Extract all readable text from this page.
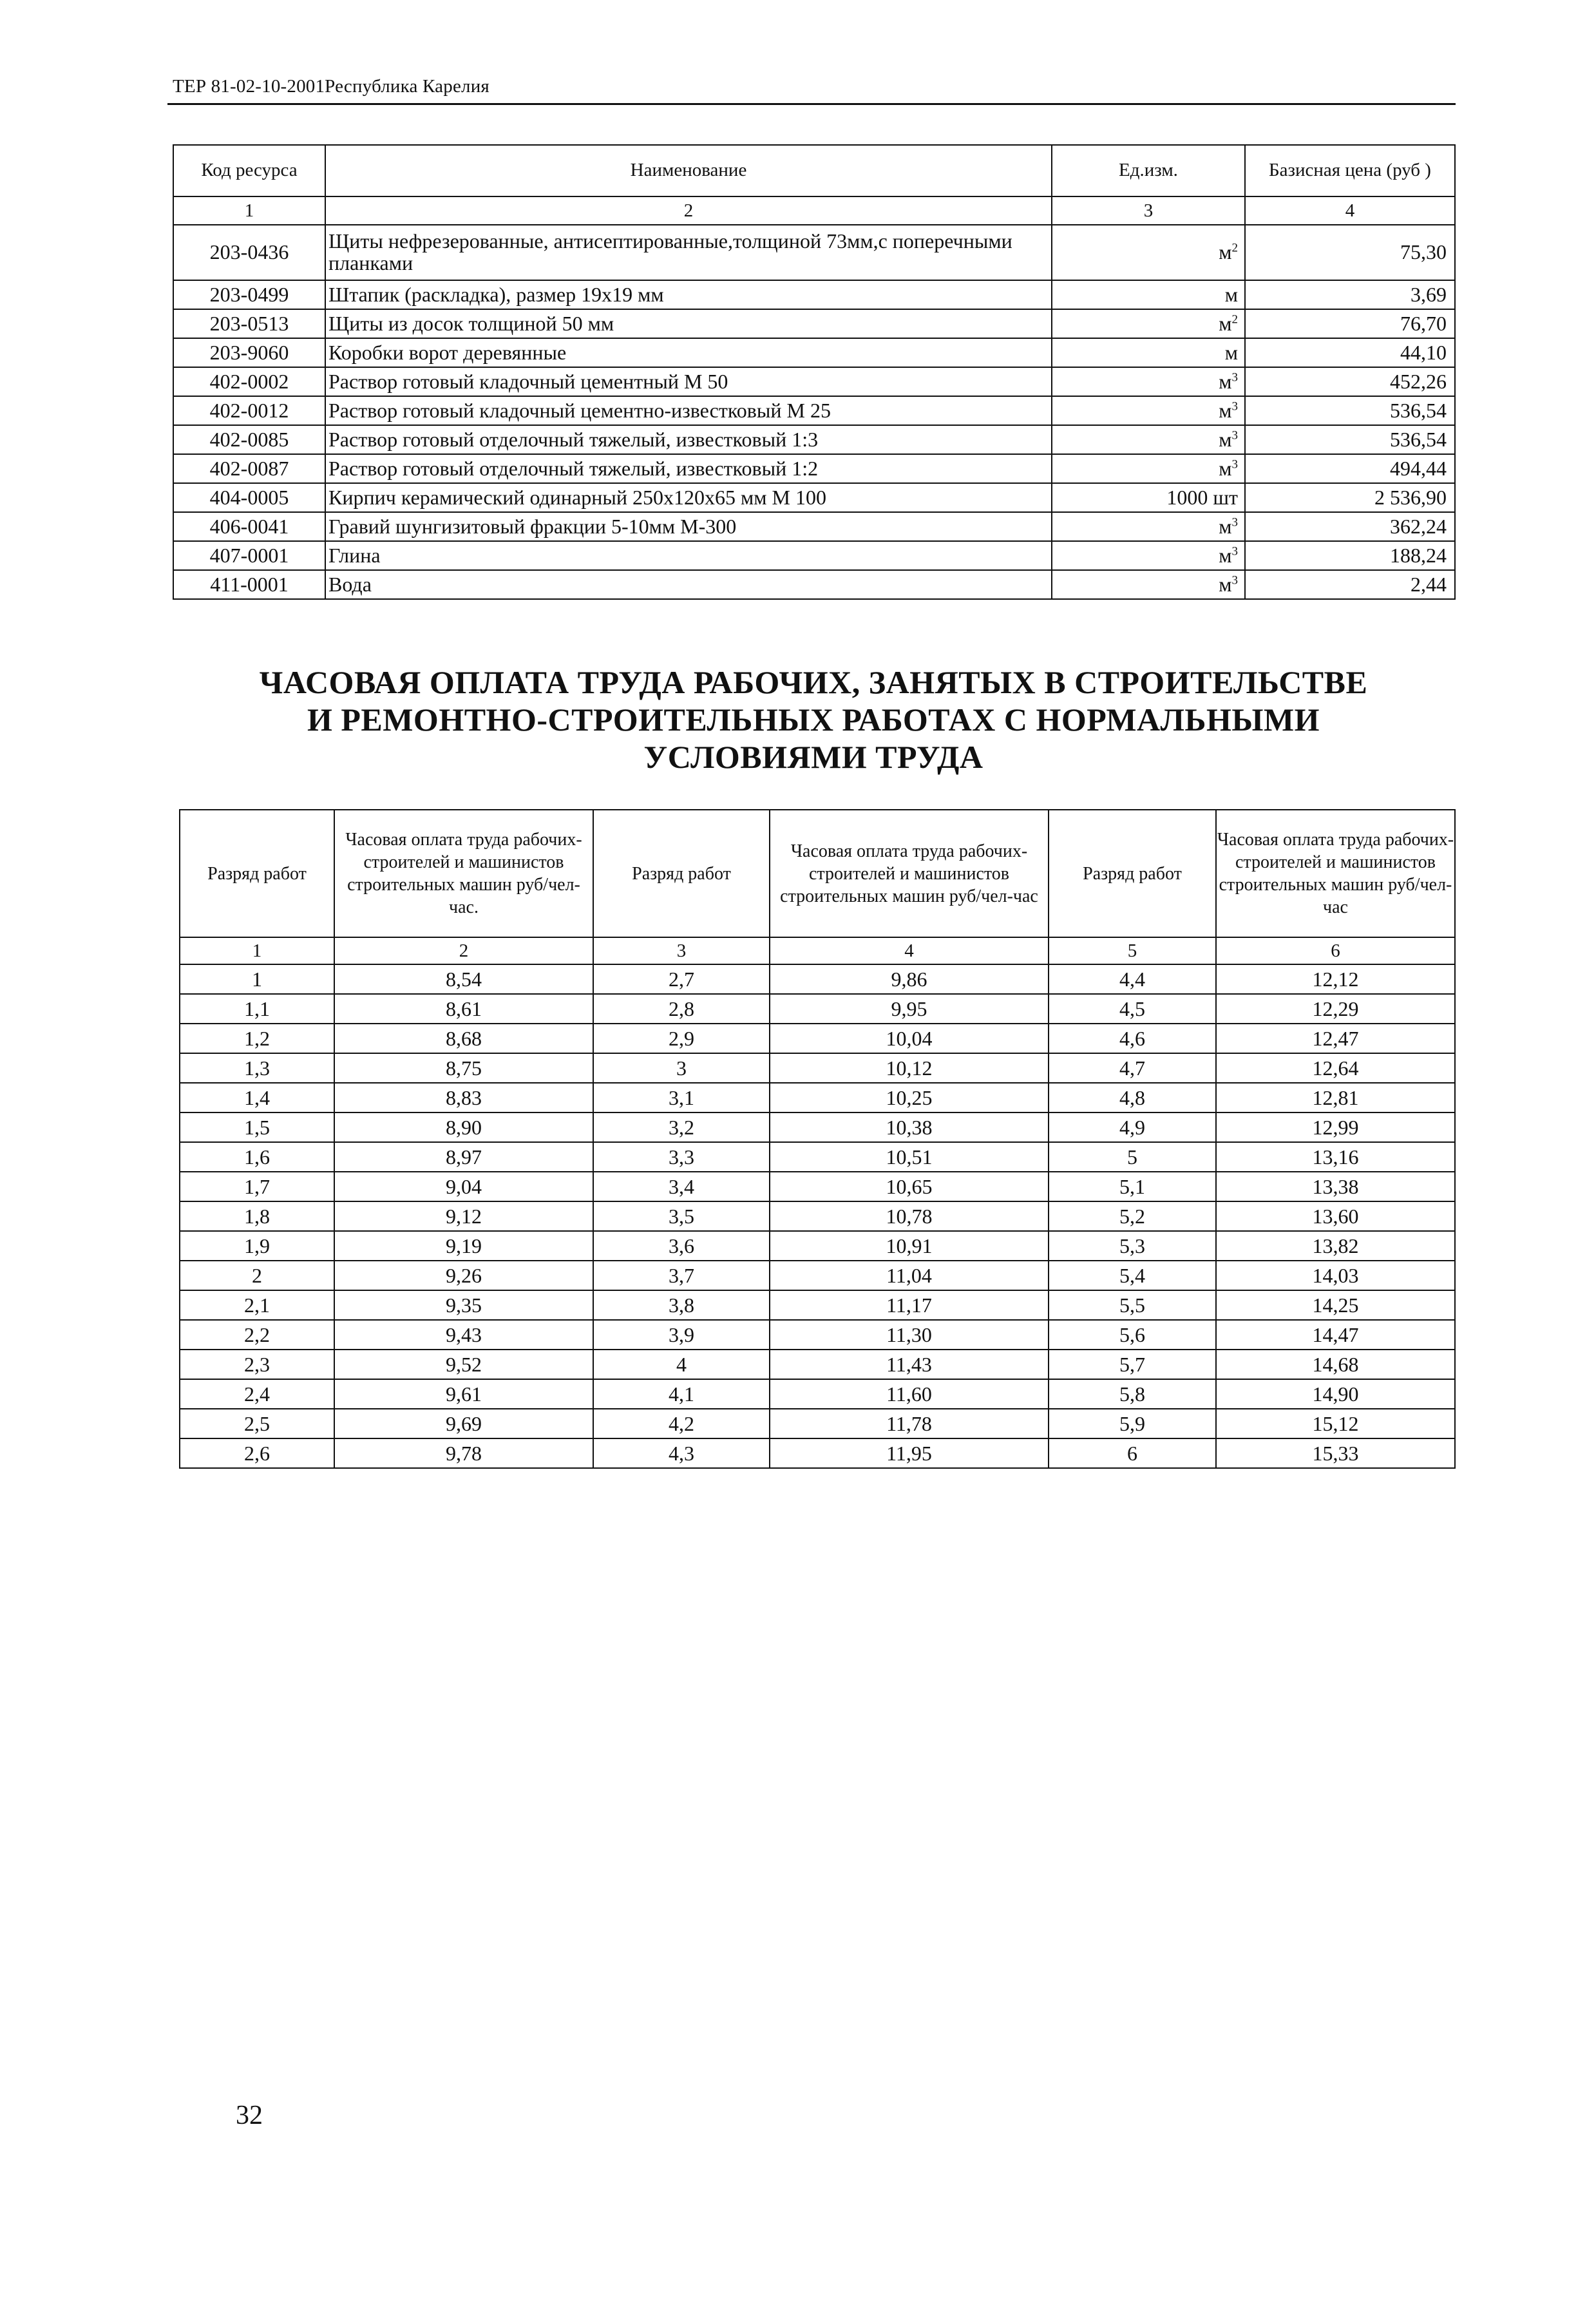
ТЕР 81-02-10-2001Республика Карелия
Код ресурса	Наименование	Ед.изм.	Базисная цена (руб )
1	2	3	4
203-0436	Щиты нефрезерованные, антисептированные,толщиной 73мм,с поперечными планками	$м^2$	75,30
203-0499	Штапик (раскладка), размер 19х19 мм	м	3,69
203-0513	Щиты из досок толщиной 50 мм	$м^2$	76,70
203-9060	Коробки ворот деревянные	м	44,10
402-0002	Раствор готовый кладочный цементный М 50	$м^3$	452,26
402-0012	Раствор готовый кладочный цементно-известковый М 25	$м^3$	536,54
402-0085	Раствор готовый отделочный тяжелый, известковый 1:3	$м^3$	536,54
402-0087	Раствор готовый отделочный тяжелый, известковый 1:2	$м^3$	494,44
404-0005	Кирпич керамический одинарный 250x120x65 мм М 100	1000 шт	2 536,90
406-0041	Гравий шунгизитовый фракции 5-10мм М-300	$м^3$	362,24
407-0001	Глина	$м^3$	188,24
411-0001	Вода	$м^3$	2,44
ЧАСОВАЯ ОПЛАТА ТРУДА РАБОЧИХ, ЗАНЯТЫХ В СТРОИТЕЛЬСТВЕ
И РЕМОНТНО-СТРОИТЕЛЬНЫХ РАБОТАХ С НОРМАЛЬНЫМИ
УСЛОВИЯМИ ТРУДА
Разряд работ	Часовая оплата труда рабочих-строителей и машинистов строительных машин руб/чел-час.	Разряд работ	Часовая оплата труда рабочих-строителей и машинистов строительных машин руб/чел-час	Разряд работ	Часовая оплата труда рабочих-строителей и машинистов строительных машин руб/чел-час
1	2	3	4	5	6
1	8,54	2,7	9,86	4,4	12,12
1,1	8,61	2,8	9,95	4,5	12,29
1,2	8,68	2,9	10,04	4,6	12,47
1,3	8,75	3	10,12	4,7	12,64
1,4	8,83	3,1	10,25	4,8	12,81
1,5	8,90	3,2	10,38	4,9	12,99
1,6	8,97	3,3	10,51	5	13,16
1,7	9,04	3,4	10,65	5,1	13,38
1,8	9,12	3,5	10,78	5,2	13,60
1,9	9,19	3,6	10,91	5,3	13,82
2	9,26	3,7	11,04	5,4	14,03
2,1	9,35	3,8	11,17	5,5	14,25
2,2	9,43	3,9	11,30	5,6	14,47
2,3	9,52	4	11,43	5,7	14,68
2,4	9,61	4,1	11,60	5,8	14,90
2,5	9,69	4,2	11,78	5,9	15,12
2,6	9,78	4,3	11,95	6	15,33
32
